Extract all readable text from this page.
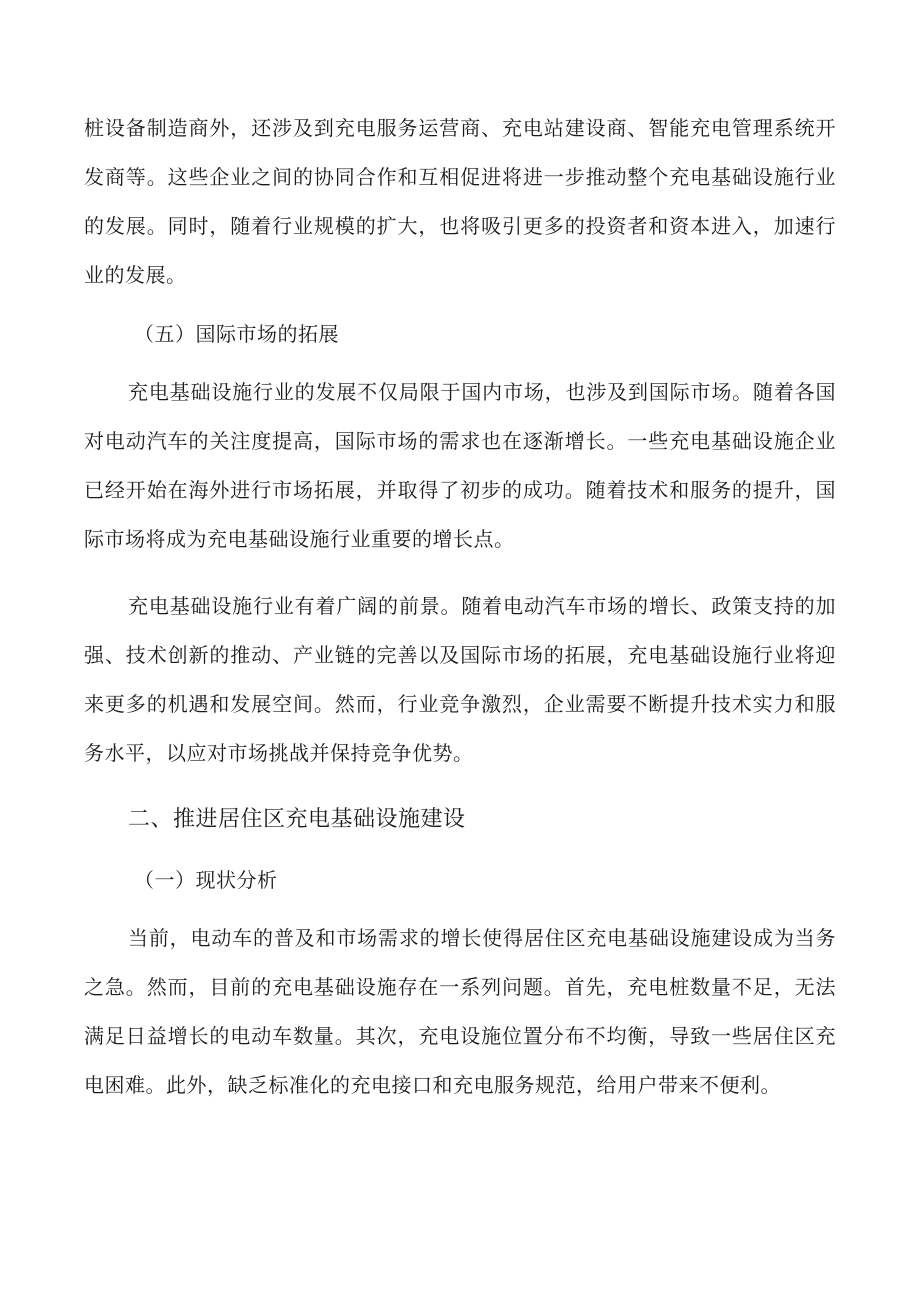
桩设备制造商外，还涉及到充电服务运营商、充电站建设商、智能充电管理系统开发商等。这些企业之间的协同合作和互相促进将进一步推动整个充电基础设施行业的发展。同时，随着行业规模的扩大，也将吸引更多的投资者和资本进入，加速行业的发展。

（五）国际市场的拓展

充电基础设施行业的发展不仅局限于国内市场，也涉及到国际市场。随着各国对电动汽车的关注度提高，国际市场的需求也在逐渐增长。一些充电基础设施企业已经开始在海外进行市场拓展，并取得了初步的成功。随着技术和服务的提升，国际市场将成为充电基础设施行业重要的增长点。

充电基础设施行业有着广阔的前景。随着电动汽车市场的增长、政策支持的加强、技术创新的推动、产业链的完善以及国际市场的拓展，充电基础设施行业将迎来更多的机遇和发展空间。然而，行业竞争激烈，企业需要不断提升技术实力和服务水平，以应对市场挑战并保持竞争优势。

二、推进居住区充电基础设施建设

（一）现状分析

当前，电动车的普及和市场需求的增长使得居住区充电基础设施建设成为当务之急。然而，目前的充电基础设施存在一系列问题。首先，充电桩数量不足，无法满足日益增长的电动车数量。其次，充电设施位置分布不均衡，导致一些居住区充电困难。此外，缺乏标准化的充电接口和充电服务规范，给用户带来不便利。
